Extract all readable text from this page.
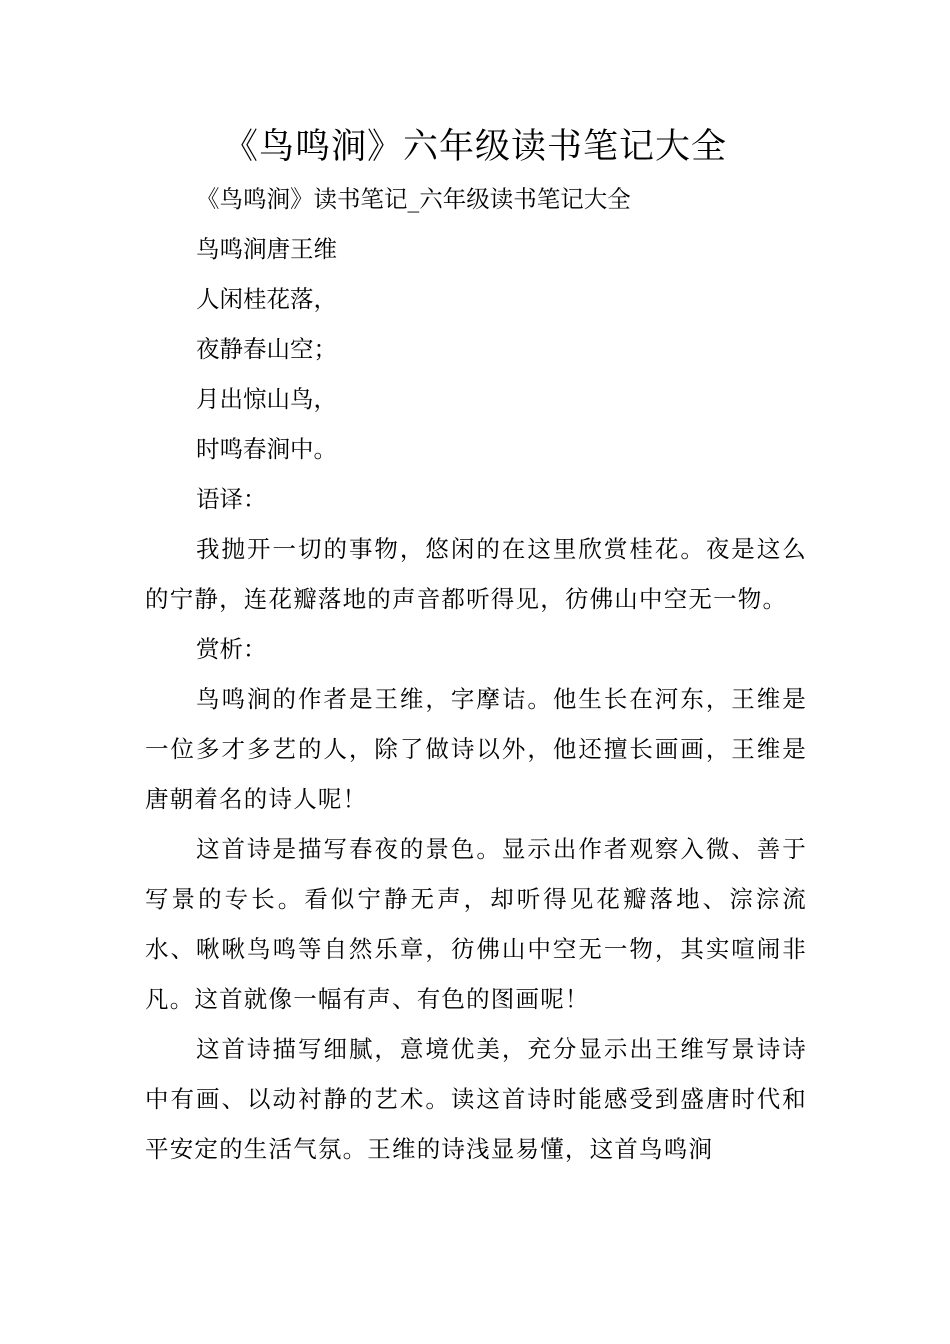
《鸟鸣涧》六年级读书笔记大全

《鸟鸣涧》读书笔记_六年级读书笔记大全

鸟鸣涧唐王维

人闲桂花落，

夜静春山空；

月出惊山鸟，

时鸣春涧中。

语译：

我抛开一切的事物，悠闲的在这里欣赏桂花。夜是这么的宁静，连花瓣落地的声音都听得见，彷佛山中空无一物。

赏析：

鸟鸣涧的作者是王维，字摩诘。他生长在河东，王维是一位多才多艺的人，除了做诗以外，他还擅长画画，王维是唐朝着名的诗人呢！

这首诗是描写春夜的景色。显示出作者观察入微、善于写景的专长。看似宁静无声，却听得见花瓣落地、淙淙流水、啾啾鸟鸣等自然乐章，彷佛山中空无一物，其实喧闹非凡。这首就像一幅有声、有色的图画呢！

这首诗描写细腻，意境优美，充分显示出王维写景诗诗中有画、以动衬静的艺术。读这首诗时能感受到盛唐时代和平安定的生活气氛。王维的诗浅显易懂，这首鸟鸣涧
